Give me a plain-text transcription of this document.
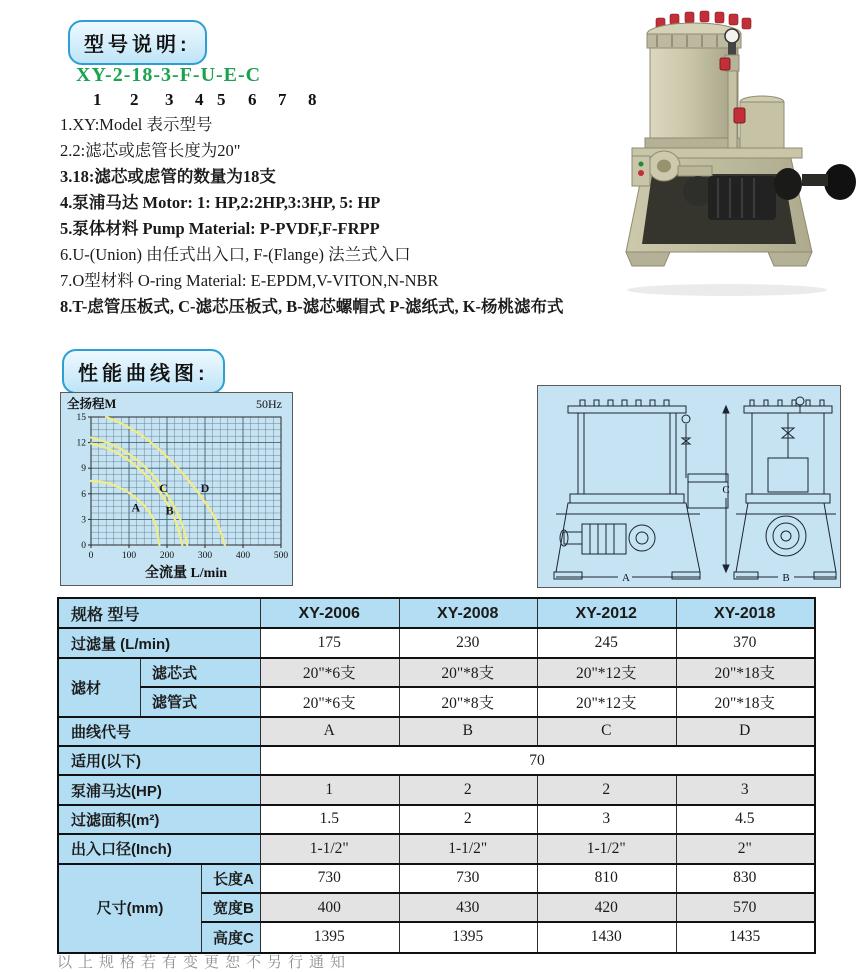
型号说明:
XY-2-18-3-F-U-E-C
1 2 3 4 5 6 7 8
1.XY:Model 表示型号
2.2:滤芯或虑管长度为20"
3.18:滤芯或虑管的数量为18支
4.泵浦马达 Motor: 1: HP,2:2HP,3:3HP, 5: HP
5.泵体材料 Pump Material: P-PVDF,F-FRPP
6.U-(Union) 由任式出入口, F-(Flange) 法兰式入口
7.O型材料 O-ring Material: E-EPDM,V-VITON,N-NBR
8.T-虑管压板式, C-滤芯压板式, B-滤芯螺帽式 P-滤纸式, K-杨桃滤布式
性能曲线图:
0	100	200	300	400	500
0
3
6
9
12
15
A B
C	D
全扬程M	50Hz
全流量 L/min	A	B
C
规格 型号	XY-2006	XY-2008	XY-2012	XY-2018
过滤量 (L/min)	175	230	245	370
滤材
滤芯式	20"*6支	20"*8支	20"*12支	20"*18支
滤管式	20"*6支	20"*8支	20"*12支	20"*18支
曲线代号	A	B	C	D
适用(以下)	70
泵浦马达(HP)	1	2	2	3
过滤面积(m²)	1.5	2	3	4.5
出入口径(Inch)	1-1/2"	1-1/2"	1-1/2"	2"
尺寸(mm)
长度A	730	730	810	830
宽度B	400	430	420	570
高度C	1395	1395	1430	1435
以上规格若有变更恕不另行通知
